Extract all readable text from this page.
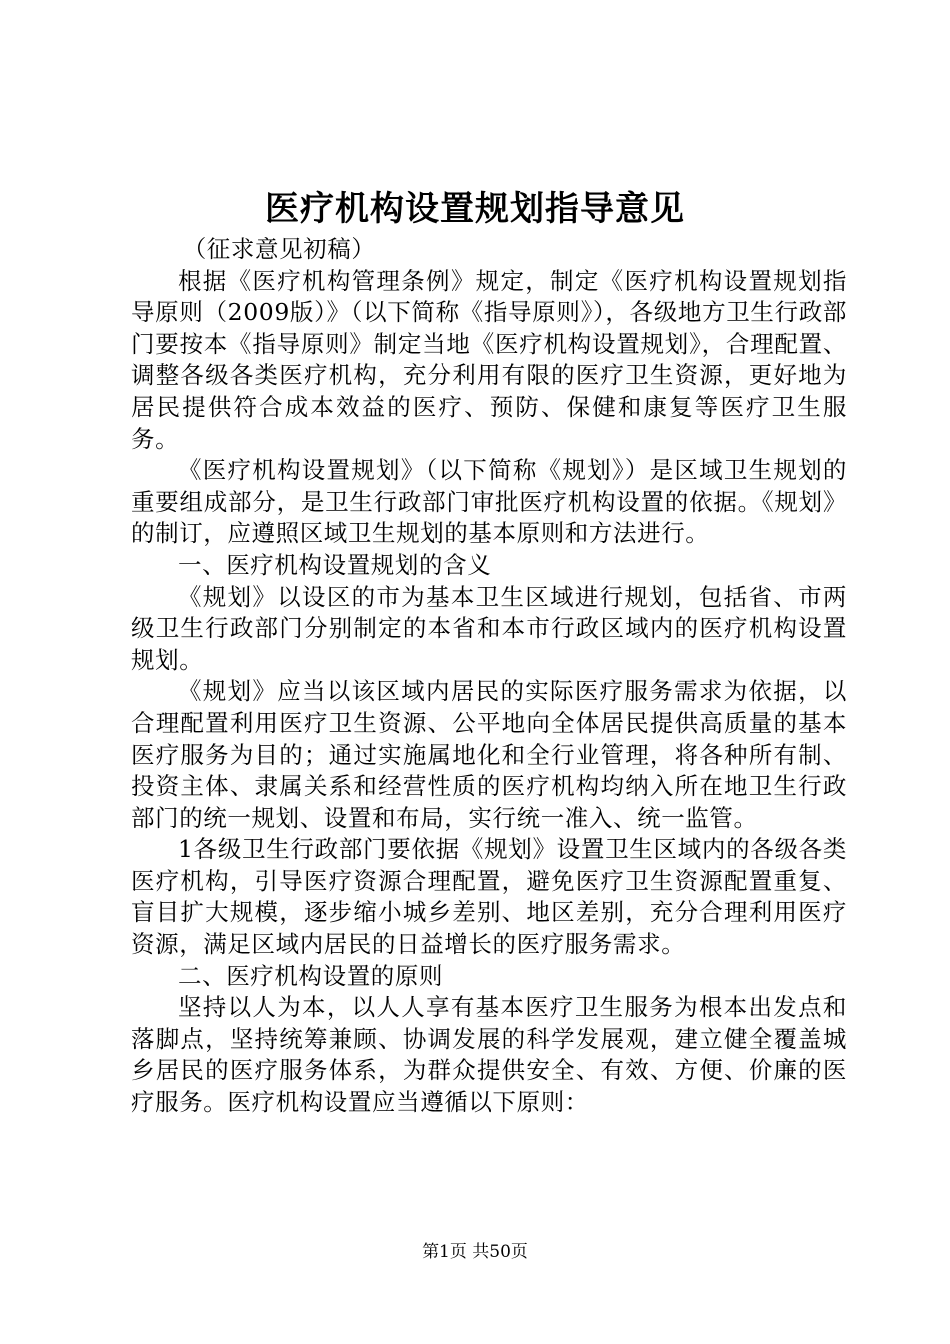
医疗机构设置规划指导意见

（征求意见初稿）

根据《医疗机构管理条例》规定，制定《医疗机构设置规划指导原则（2009版）》（以下简称《指导原则》），各级地方卫生行政部门要按本《指导原则》制定当地《医疗机构设置规划》，合理配置、调整各级各类医疗机构，充分利用有限的医疗卫生资源，更好地为居民提供符合成本效益的医疗、预防、保健和康复等医疗卫生服务。

《医疗机构设置规划》（以下简称《规划》）是区域卫生规划的重要组成部分，是卫生行政部门审批医疗机构设置的依据。《规划》的制订，应遵照区域卫生规划的基本原则和方法进行。

一、医疗机构设置规划的含义

《规划》以设区的市为基本卫生区域进行规划，包括省、市两级卫生行政部门分别制定的本省和本市行政区域内的医疗机构设置规划。

《规划》应当以该区域内居民的实际医疗服务需求为依据，以合理配置利用医疗卫生资源、公平地向全体居民提供高质量的基本医疗服务为目的；通过实施属地化和全行业管理，将各种所有制、投资主体、隶属关系和经营性质的医疗机构均纳入所在地卫生行政部门的统一规划、设置和布局，实行统一准入、统一监管。

1各级卫生行政部门要依据《规划》设置卫生区域内的各级各类医疗机构，引导医疗资源合理配置，避免医疗卫生资源配置重复、盲目扩大规模，逐步缩小城乡差别、地区差别，充分合理利用医疗资源，满足区域内居民的日益增长的医疗服务需求。

二、医疗机构设置的原则

坚持以人为本，以人人享有基本医疗卫生服务为根本出发点和落脚点，坚持统筹兼顾、协调发展的科学发展观，建立健全覆盖城乡居民的医疗服务体系，为群众提供安全、有效、方便、价廉的医疗服务。医疗机构设置应当遵循以下原则：

第1页 共50页
